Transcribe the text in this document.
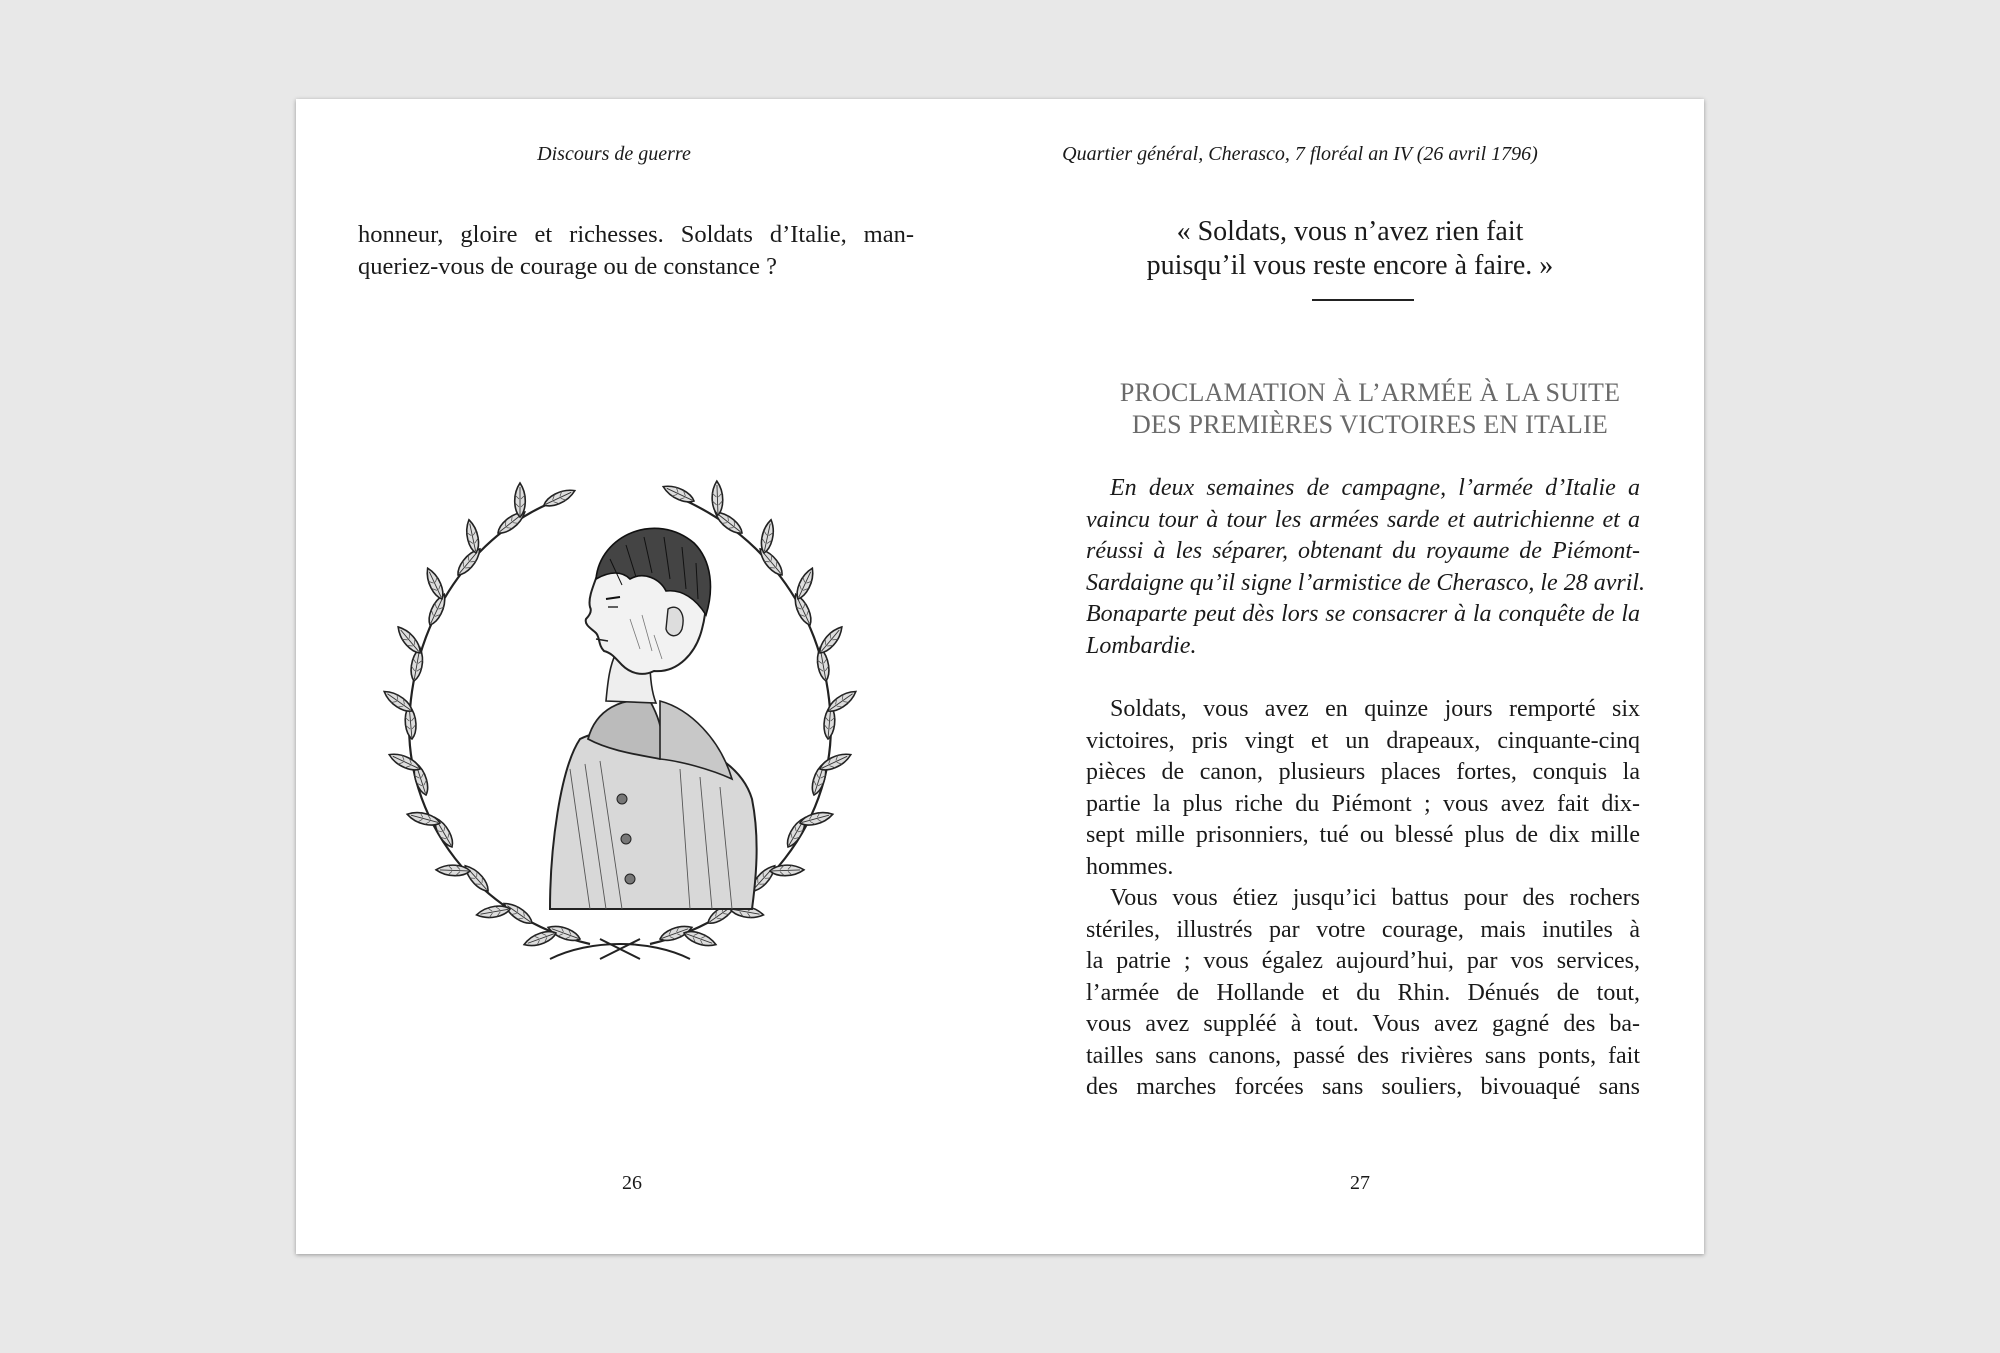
Discours de guerre
honneur, gloire et richesses. Soldats d’Italie, man-
queriez-vous de courage ou de constance ?
26
Quartier général, Cherasco, 7 floréal an IV (26 avril 1796)
« Soldats, vous n’avez rien fait
puisqu’il vous reste encore à faire. »
PROCLAMATION À L’ARMÉE À LA SUITE
DES PREMIÈRES VICTOIRES EN ITALIE
En deux semaines de campagne, l’armée d’Italie a
vaincu tour à tour les armées sarde et autrichienne et a
réussi à les séparer, obtenant du royaume de Piémont-
Sardaigne qu’il signe l’armistice de Cherasco, le 28 avril.
Bonaparte peut dès lors se consacrer à la conquête de la
Lombardie.
Soldats, vous avez en quinze jours remporté six
victoires, pris vingt et un drapeaux, cinquante-cinq
pièces de canon, plusieurs places fortes, conquis la
partie la plus riche du Piémont ; vous avez fait dix-
sept mille prisonniers, tué ou blessé plus de dix mille
hommes.
Vous vous étiez jusqu’ici battus pour des rochers
stériles, illustrés par votre courage, mais inutiles à
la patrie ; vous égalez aujourd’hui, par vos services,
l’armée de Hollande et du Rhin. Dénués de tout,
vous avez suppléé à tout. Vous avez gagné des ba-
tailles sans canons, passé des rivières sans ponts, fait
des marches forcées sans souliers, bivouaqué sans
27
